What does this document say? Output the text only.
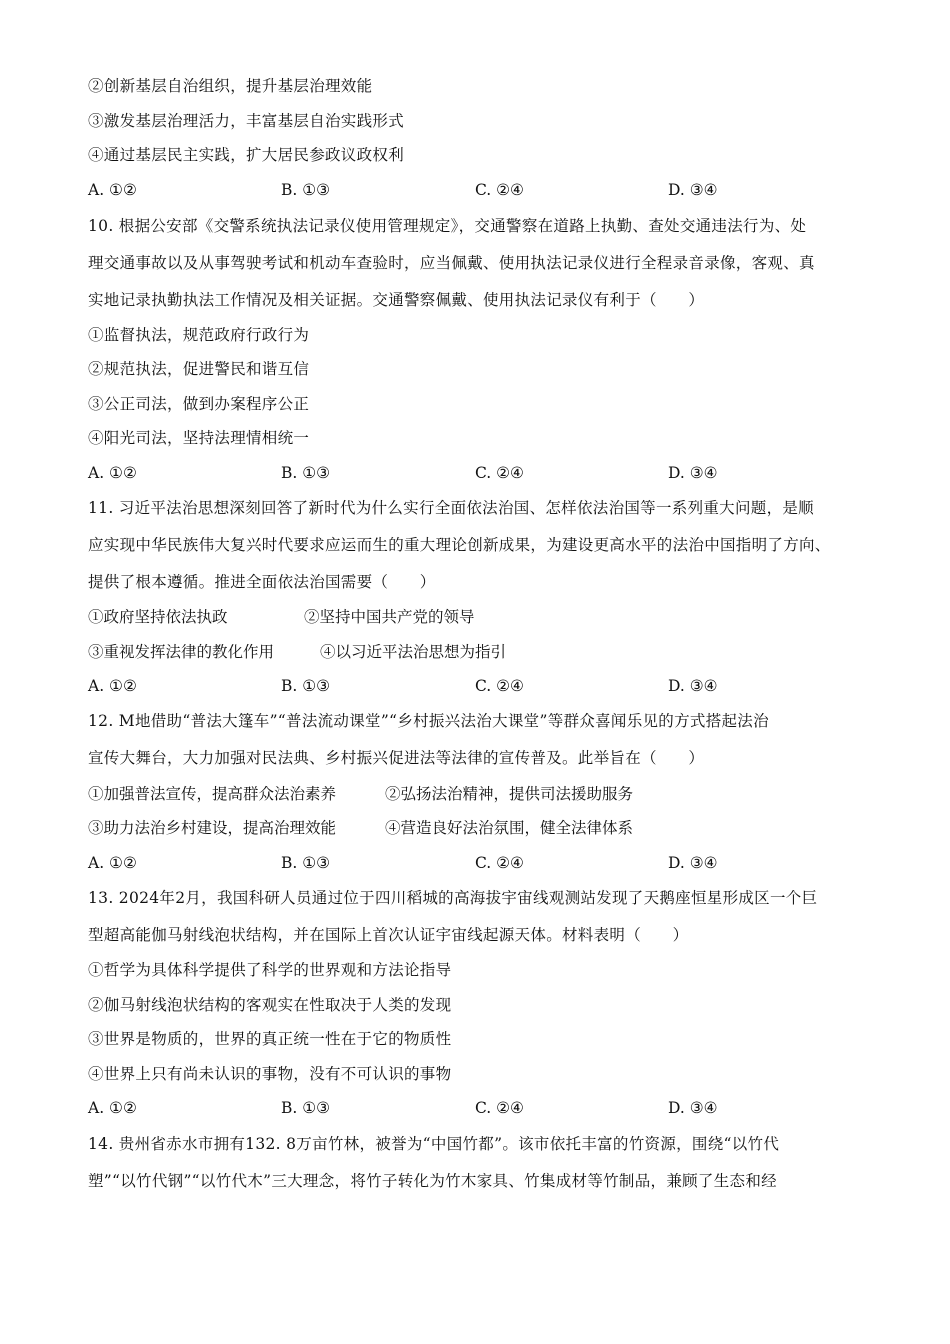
②创新基层自治组织，提升基层治理效能
③激发基层治理活力，丰富基层自治实践形式
④通过基层民主实践，扩大居民参政议政权利
A. ①②	B. ①③	C. ②④	D. ③④
10. 根据公安部《交警系统执法记录仪使用管理规定》，交通警察在道路上执勤、查处交通违法行为、处
理交通事故以及从事驾驶考试和机动车查验时，应当佩戴、使用执法记录仪进行全程录音录像，客观、真
实地记录执勤执法工作情况及相关证据。交通警察佩戴、使用执法记录仪有利于（　　）
①监督执法，规范政府行政行为
②规范执法，促进警民和谐互信
③公正司法，做到办案程序公正
④阳光司法，坚持法理情相统一
A. ①②	B. ①③	C. ②④	D. ③④
11. 习近平法治思想深刻回答了新时代为什么实行全面依法治国、怎样依法治国等一系列重大问题，是顺
应实现中华民族伟大复兴时代要求应运而生的重大理论创新成果，为建设更高水平的法治中国指明了方向、
提供了根本遵循。推进全面依法治国需要（　　）
①政府坚持依法执政	②坚持中国共产党的领导
③重视发挥法律的教化作用	④以习近平法治思想为指引
A. ①②	B. ①③	C. ②④	D. ③④
12. M地借助“普法大篷车”“普法流动课堂”“乡村振兴法治大课堂”等群众喜闻乐见的方式搭起法治
宣传大舞台，大力加强对民法典、乡村振兴促进法等法律的宣传普及。此举旨在（　　）
①加强普法宣传，提高群众法治素养	②弘扬法治精神，提供司法援助服务
③助力法治乡村建设，提高治理效能	④营造良好法治氛围，健全法律体系
A. ①②	B. ①③	C. ②④	D. ③④
13. 2024年2月，我国科研人员通过位于四川稻城的高海拔宇宙线观测站发现了天鹅座恒星形成区一个巨
型超高能伽马射线泡状结构，并在国际上首次认证宇宙线起源天体。材料表明（　　）
①哲学为具体科学提供了科学的世界观和方法论指导
②伽马射线泡状结构的客观实在性取决于人类的发现
③世界是物质的，世界的真正统一性在于它的物质性
④世界上只有尚未认识的事物，没有不可认识的事物
A. ①②	B. ①③	C. ②④	D. ③④
14. 贵州省赤水市拥有132. 8万亩竹林，被誉为“中国竹都”。该市依托丰富的竹资源，围绕“以竹代
塑”“以竹代钢”“以竹代木”三大理念，将竹子转化为竹木家具、竹集成材等竹制品，兼顾了生态和经
